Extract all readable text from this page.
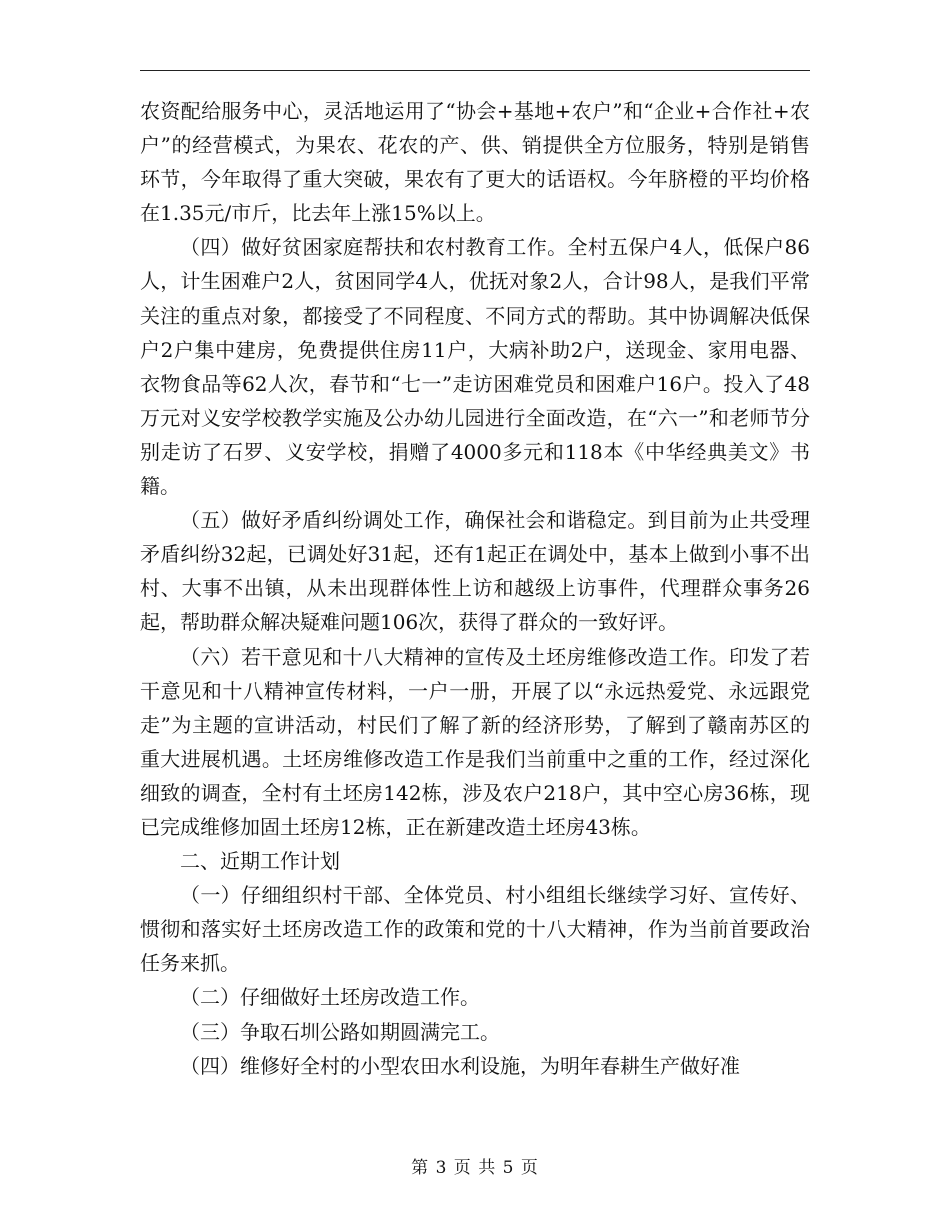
农资配给服务中心，灵活地运用了“协会+基地+农户”和“企业+合作社+农户”的经营模式，为果农、花农的产、供、销提供全方位服务，特别是销售环节，今年取得了重大突破，果农有了更大的话语权。今年脐橙的平均价格在1.35元/市斤，比去年上涨15%以上。

（四）做好贫困家庭帮扶和农村教育工作。全村五保户4人，低保户86人，计生困难户2人，贫困同学4人，优抚对象2人，合计98人，是我们平常关注的重点对象，都接受了不同程度、不同方式的帮助。其中协调解决低保户2户集中建房，免费提供住房11户，大病补助2户，送现金、家用电器、衣物食品等62人次，春节和“七一”走访困难党员和困难户16户。投入了48万元对义安学校教学实施及公办幼儿园进行全面改造，在“六一”和老师节分别走访了石罗、义安学校，捐赠了4000多元和118本《中华经典美文》书籍。

（五）做好矛盾纠纷调处工作，确保社会和谐稳定。到目前为止共受理矛盾纠纷32起，已调处好31起，还有1起正在调处中，基本上做到小事不出村、大事不出镇，从未出现群体性上访和越级上访事件，代理群众事务26起，帮助群众解决疑难问题106次，获得了群众的一致好评。

（六）若干意见和十八大精神的宣传及土坯房维修改造工作。印发了若干意见和十八精神宣传材料，一户一册，开展了以“永远热爱党、永远跟党走”为主题的宣讲活动，村民们了解了新的经济形势，了解到了赣南苏区的重大进展机遇。土坯房维修改造工作是我们当前重中之重的工作，经过深化细致的调查，全村有土坯房142栋，涉及农户218户，其中空心房36栋，现已完成维修加固土坯房12栋，正在新建改造土坯房43栋。

二、近期工作计划

（一）仔细组织村干部、全体党员、村小组组长继续学习好、宣传好、惯彻和落实好土坯房改造工作的政策和党的十八大精神，作为当前首要政治任务来抓。

（二）仔细做好土坯房改造工作。

（三）争取石圳公路如期圆满完工。

（四）维修好全村的小型农田水利设施，为明年春耕生产做好准

第 3 页 共 5 页
